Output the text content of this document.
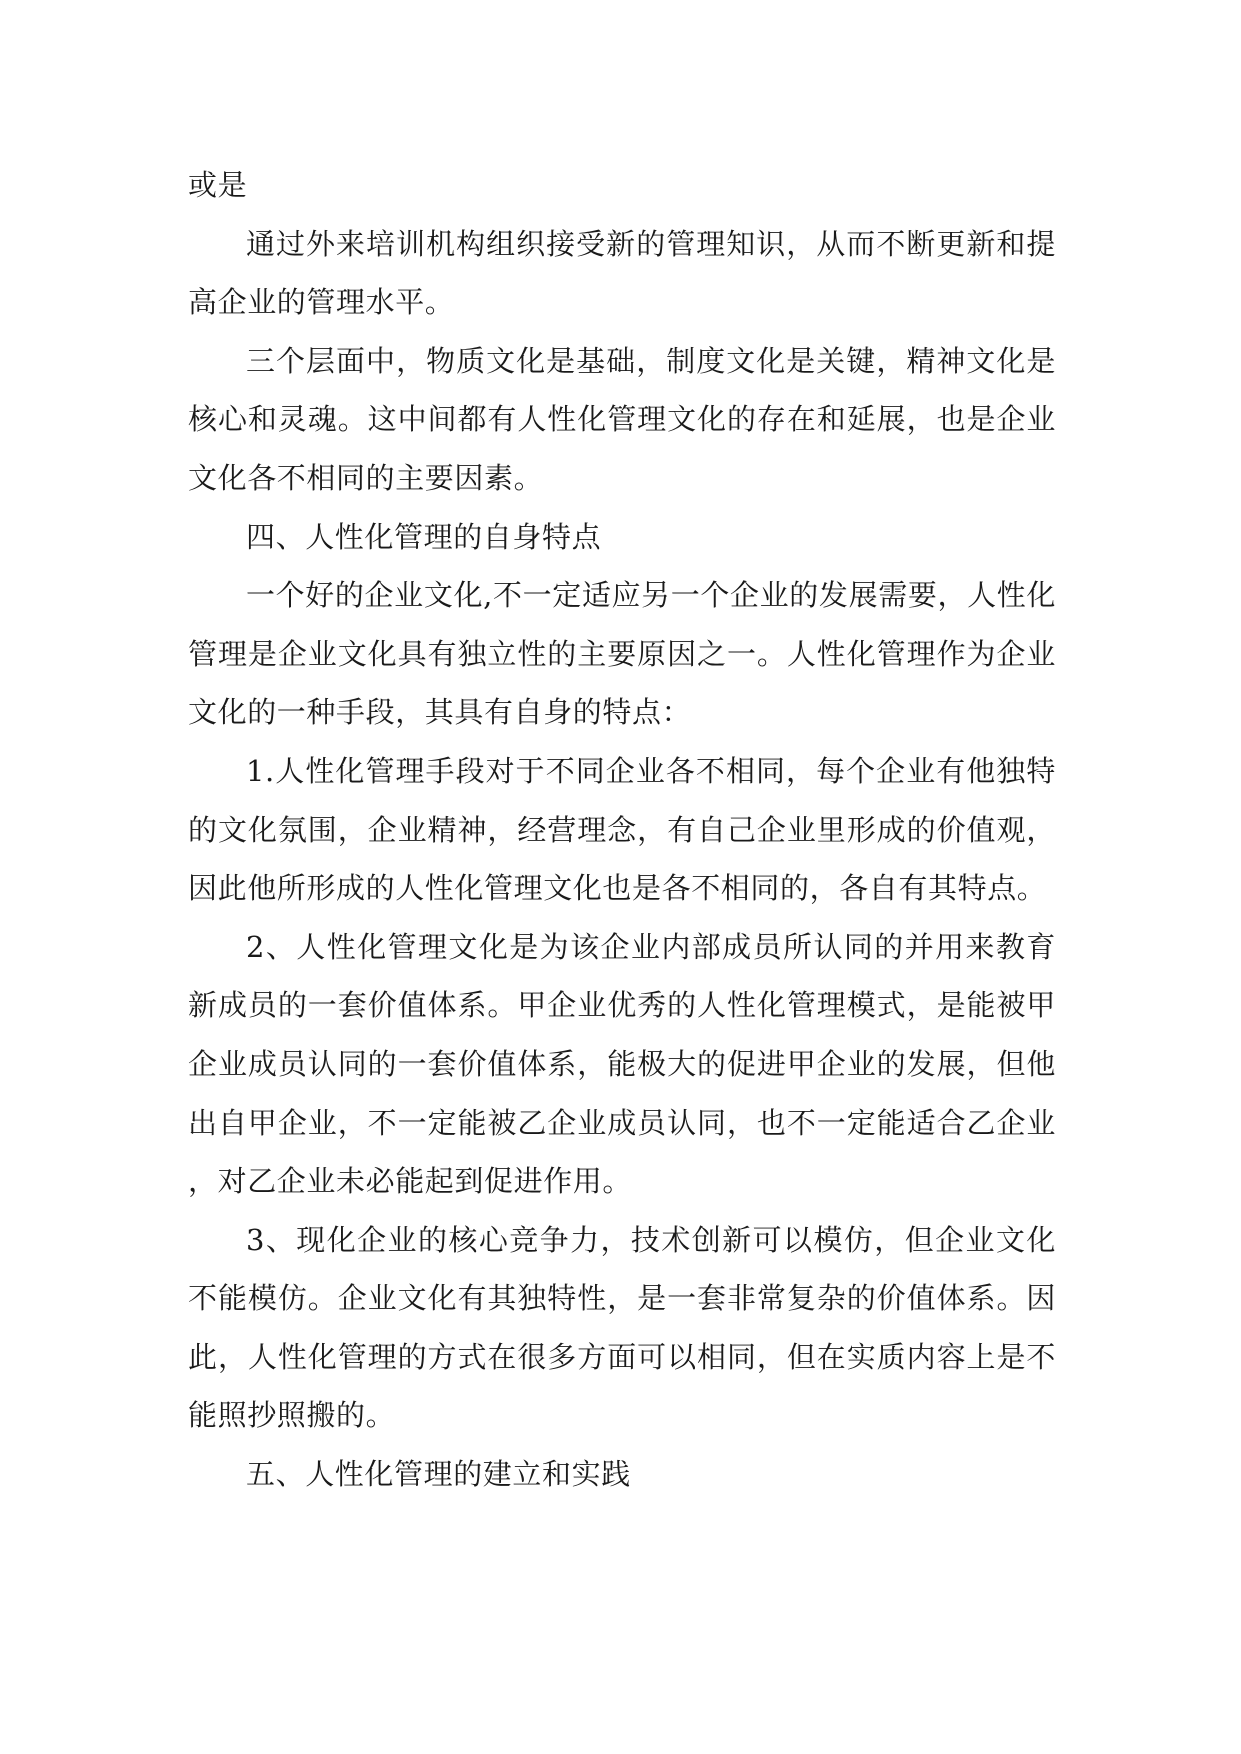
或是

通过外来培训机构组织接受新的管理知识，从而不断更新和提高企业的管理水平。

三个层面中，物质文化是基础，制度文化是关键，精神文化是核心和灵魂。这中间都有人性化管理文化的存在和延展，也是企业文化各不相同的主要因素。

四、人性化管理的自身特点

一个好的企业文化,不一定适应另一个企业的发展需要，人性化管理是企业文化具有独立性的主要原因之一。人性化管理作为企业文化的一种手段，其具有自身的特点：

1.人性化管理手段对于不同企业各不相同，每个企业有他独特的文化氛围，企业精神，经营理念，有自己企业里形成的价值观，因此他所形成的人性化管理文化也是各不相同的，各自有其特点。

2、人性化管理文化是为该企业内部成员所认同的并用来教育新成员的一套价值体系。甲企业优秀的人性化管理模式，是能被甲企业成员认同的一套价值体系，能极大的促进甲企业的发展，但他出自甲企业，不一定能被乙企业成员认同，也不一定能适合乙企业，对乙企业未必能起到促进作用。

3、现化企业的核心竞争力，技术创新可以模仿，但企业文化不能模仿。企业文化有其独特性，是一套非常复杂的价值体系。因此，人性化管理的方式在很多方面可以相同，但在实质内容上是不能照抄照搬的。

五、人性化管理的建立和实践
